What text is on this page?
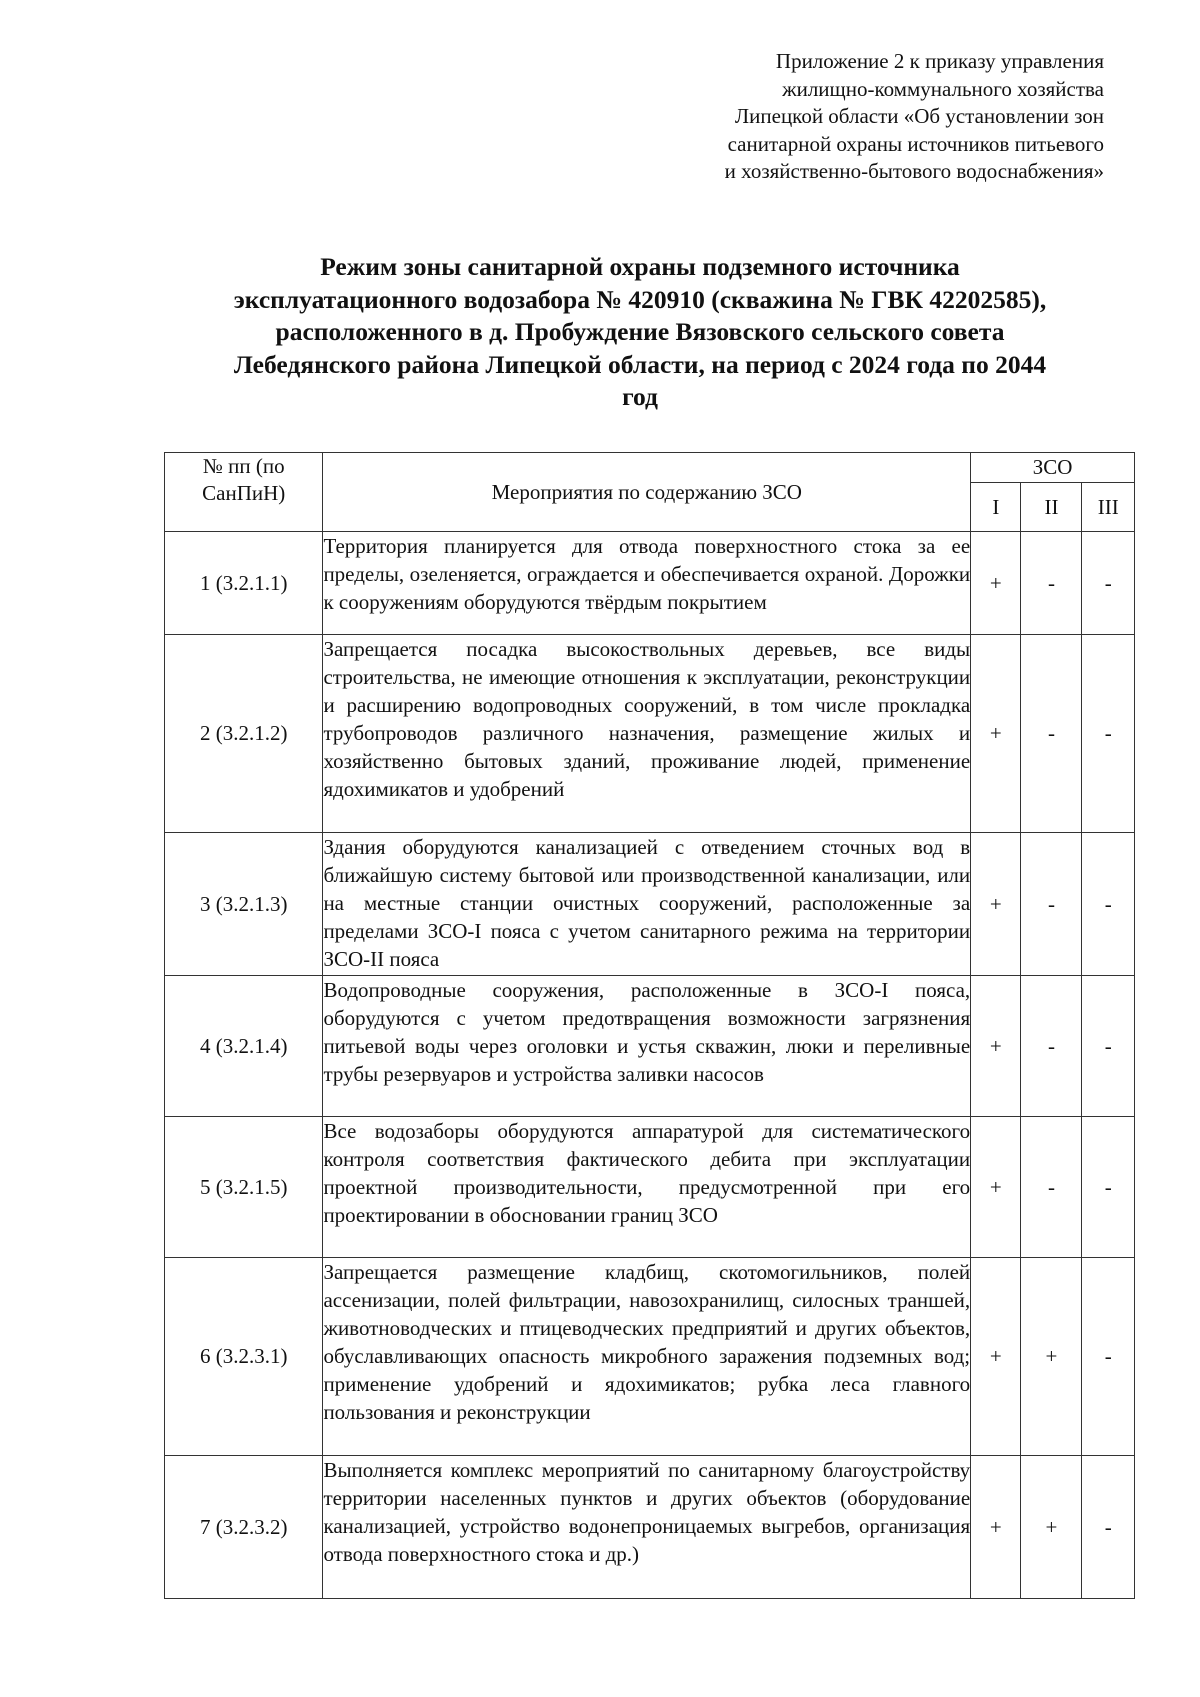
Приложение 2 к приказу управления
жилищно-коммунального хозяйства
Липецкой области «Об установлении зон
санитарной охраны источников питьевого
и хозяйственно-бытового водоснабжения»
Режим зоны санитарной охраны подземного источника
эксплуатационного водозабора № 420910 (скважина № ГВК 42202585),
расположенного в д. Пробуждение Вязовского сельского совета
Лебедянского района Липецкой области, на период с 2024 года по 2044
год
№ пп (по СанПиН)	Мероприятия по содержанию ЗСО	ЗСО		
		I	II	III
1 (3.2.1.1)	Территория планируется для отвода поверхностного стока за ее пределы, озеленяется, ограждается и обеспечивается охраной. Дорожки к сооружениям оборудуются твёрдым покрытием	+	-	-
2 (3.2.1.2)	Запрещается посадка высокоствольных деревьев, все виды строительства, не имеющие отношения к эксплуатации, реконструкции и расширению водопроводных сооружений, в том числе прокладка трубопроводов различного назначения, размещение жилых и хозяйственно бытовых зданий, проживание людей, применение ядохимикатов и удобрений	+	-	-
3 (3.2.1.3)	Здания оборудуются канализацией с отведением сточных вод в ближайшую систему бытовой или производственной канализации, или на местные станции очистных сооружений, расположенные за пределами ЗСО-I пояса с учетом санитарного режима на территории ЗСО-II пояса	+	-	-
4 (3.2.1.4)	Водопроводные сооружения, расположенные в ЗСО-I пояса, оборудуются с учетом предотвращения возможности загрязнения питьевой воды через оголовки и устья скважин, люки и переливные трубы резервуаров и устройства заливки насосов	+	-	-
5 (3.2.1.5)	Все водозаборы оборудуются аппаратурой для систематического контроля соответствия фактического дебита при эксплуатации проектной производительности, предусмотренной при его проектировании в обосновании границ ЗСО	+	-	-
6 (3.2.3.1)	Запрещается размещение кладбищ, скотомогильников, полей ассенизации, полей фильтрации, навозохранилищ, силосных траншей, животноводческих и птицеводческих предприятий и других объектов, обуславливающих опасность микробного заражения подземных вод; применение удобрений и ядохимикатов; рубка леса главного пользования и реконструкции	+	+	-
7 (3.2.3.2)	Выполняется комплекс мероприятий по санитарному благоустройству территории населенных пунктов и других объектов (оборудование канализацией, устройство водонепроницаемых выгребов, организация отвода поверхностного стока и др.)	+	+	-
